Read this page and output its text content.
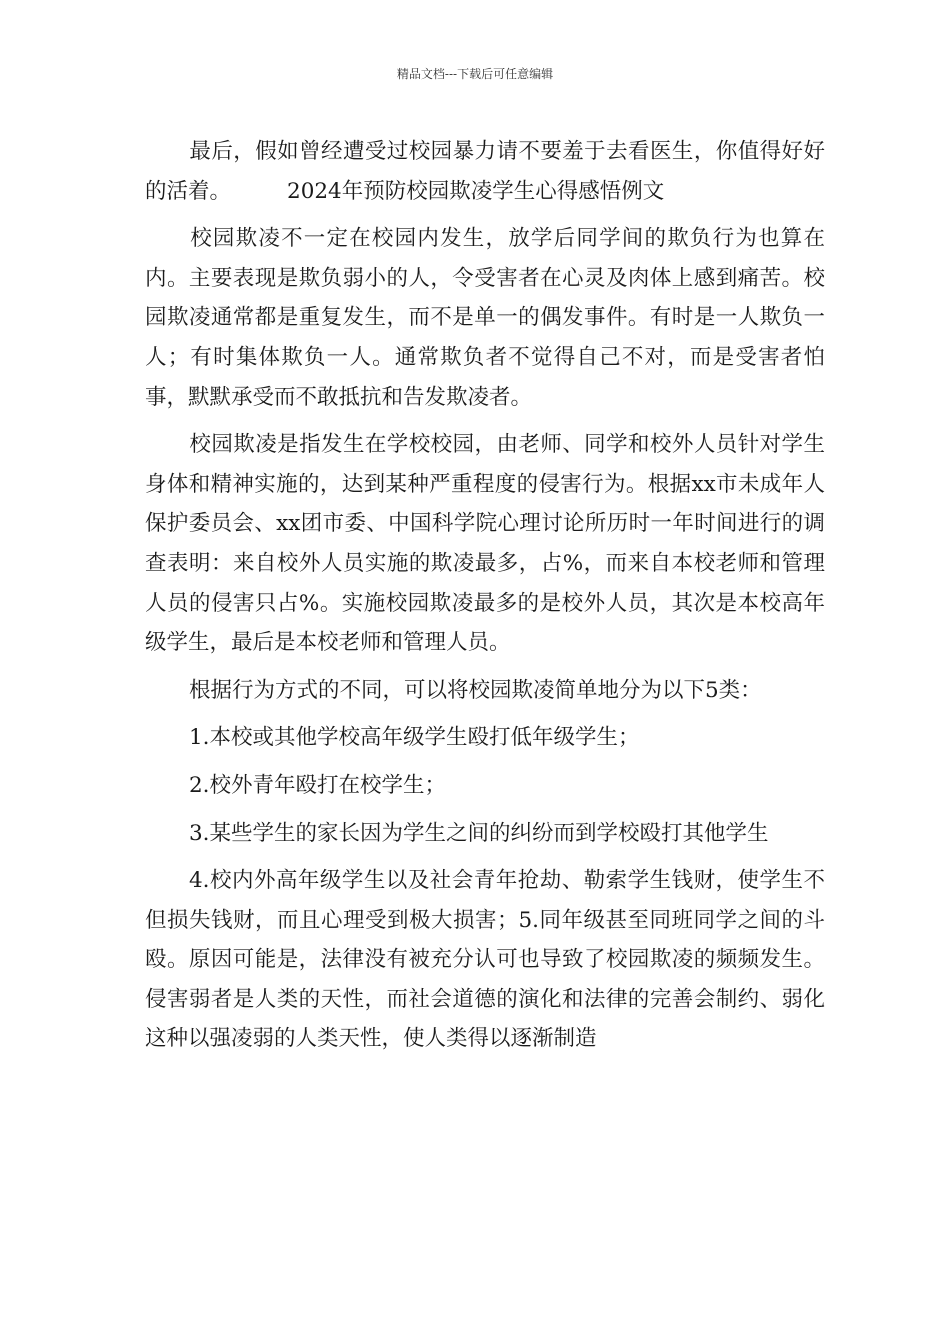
精品文档---下载后可任意编辑

最后，假如曾经遭受过校园暴力请不要羞于去看医生，你值得好好的活着。	2024年预防校园欺凌学生心得感悟例文

校园欺凌不一定在校园内发生，放学后同学间的欺负行为也算在内。主要表现是欺负弱小的人，令受害者在心灵及肉体上感到痛苦。校园欺凌通常都是重复发生，而不是单一的偶发事件。有时是一人欺负一人；有时集体欺负一人。通常欺负者不觉得自己不对，而是受害者怕事，默默承受而不敢抵抗和告发欺凌者。

校园欺凌是指发生在学校校园，由老师、同学和校外人员针对学生身体和精神实施的，达到某种严重程度的侵害行为。根据xx市未成年人保护委员会、xx团市委、中国科学院心理讨论所历时一年时间进行的调查表明：来自校外人员实施的欺凌最多，占%，而来自本校老师和管理人员的侵害只占%。实施校园欺凌最多的是校外人员，其次是本校高年级学生，最后是本校老师和管理人员。

根据行为方式的不同，可以将校园欺凌简单地分为以下5类：

1.本校或其他学校高年级学生殴打低年级学生；

2.校外青年殴打在校学生；

3.某些学生的家长因为学生之间的纠纷而到学校殴打其他学生

4.校内外高年级学生以及社会青年抢劫、勒索学生钱财，使学生不但损失钱财，而且心理受到极大损害；5.同年级甚至同班同学之间的斗殴。原因可能是，法律没有被充分认可也导致了校园欺凌的频频发生。侵害弱者是人类的天性，而社会道德的演化和法律的完善会制约、弱化这种以强凌弱的人类天性，使人类得以逐渐制造
